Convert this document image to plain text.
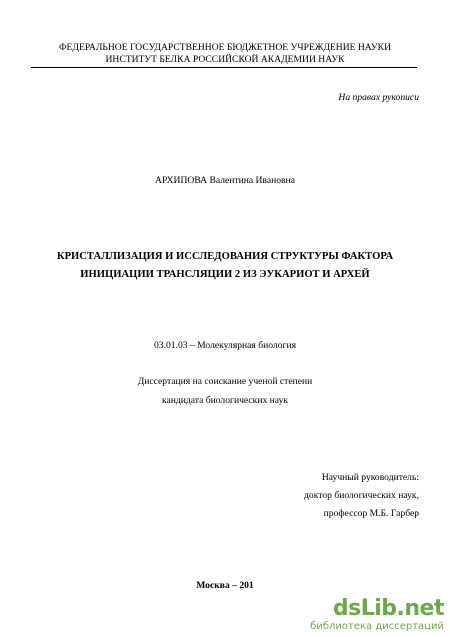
ФЕДЕРАЛЬНОЕ ГОСУДАРСТВЕННОЕ БЮДЖЕТНОЕ УЧРЕЖДЕНИЕ НАУКИ
ИНСТИТУТ БЕЛКА РОССИЙСКОЙ АКАДЕМИИ НАУК
На правах рукописи
АРХИПОВА Валентина Ивановна
КРИСТАЛЛИЗАЦИЯ И ИССЛЕДОВАНИЯ СТРУКТУРЫ ФАКТОРА
ИНИЦИАЦИИ ТРАНСЛЯЦИИ 2 ИЗ ЭУКАРИОТ И АРХЕЙ
03.01.03 – Молекулярная биология
Диссертация на соискание ученой степени
кандидата биологических наук
Научный руководитель:
доктор биологических наук,
профессор М.Б. Гарбер
Москва – 201
dsLib.net
библиотека диссертаций
